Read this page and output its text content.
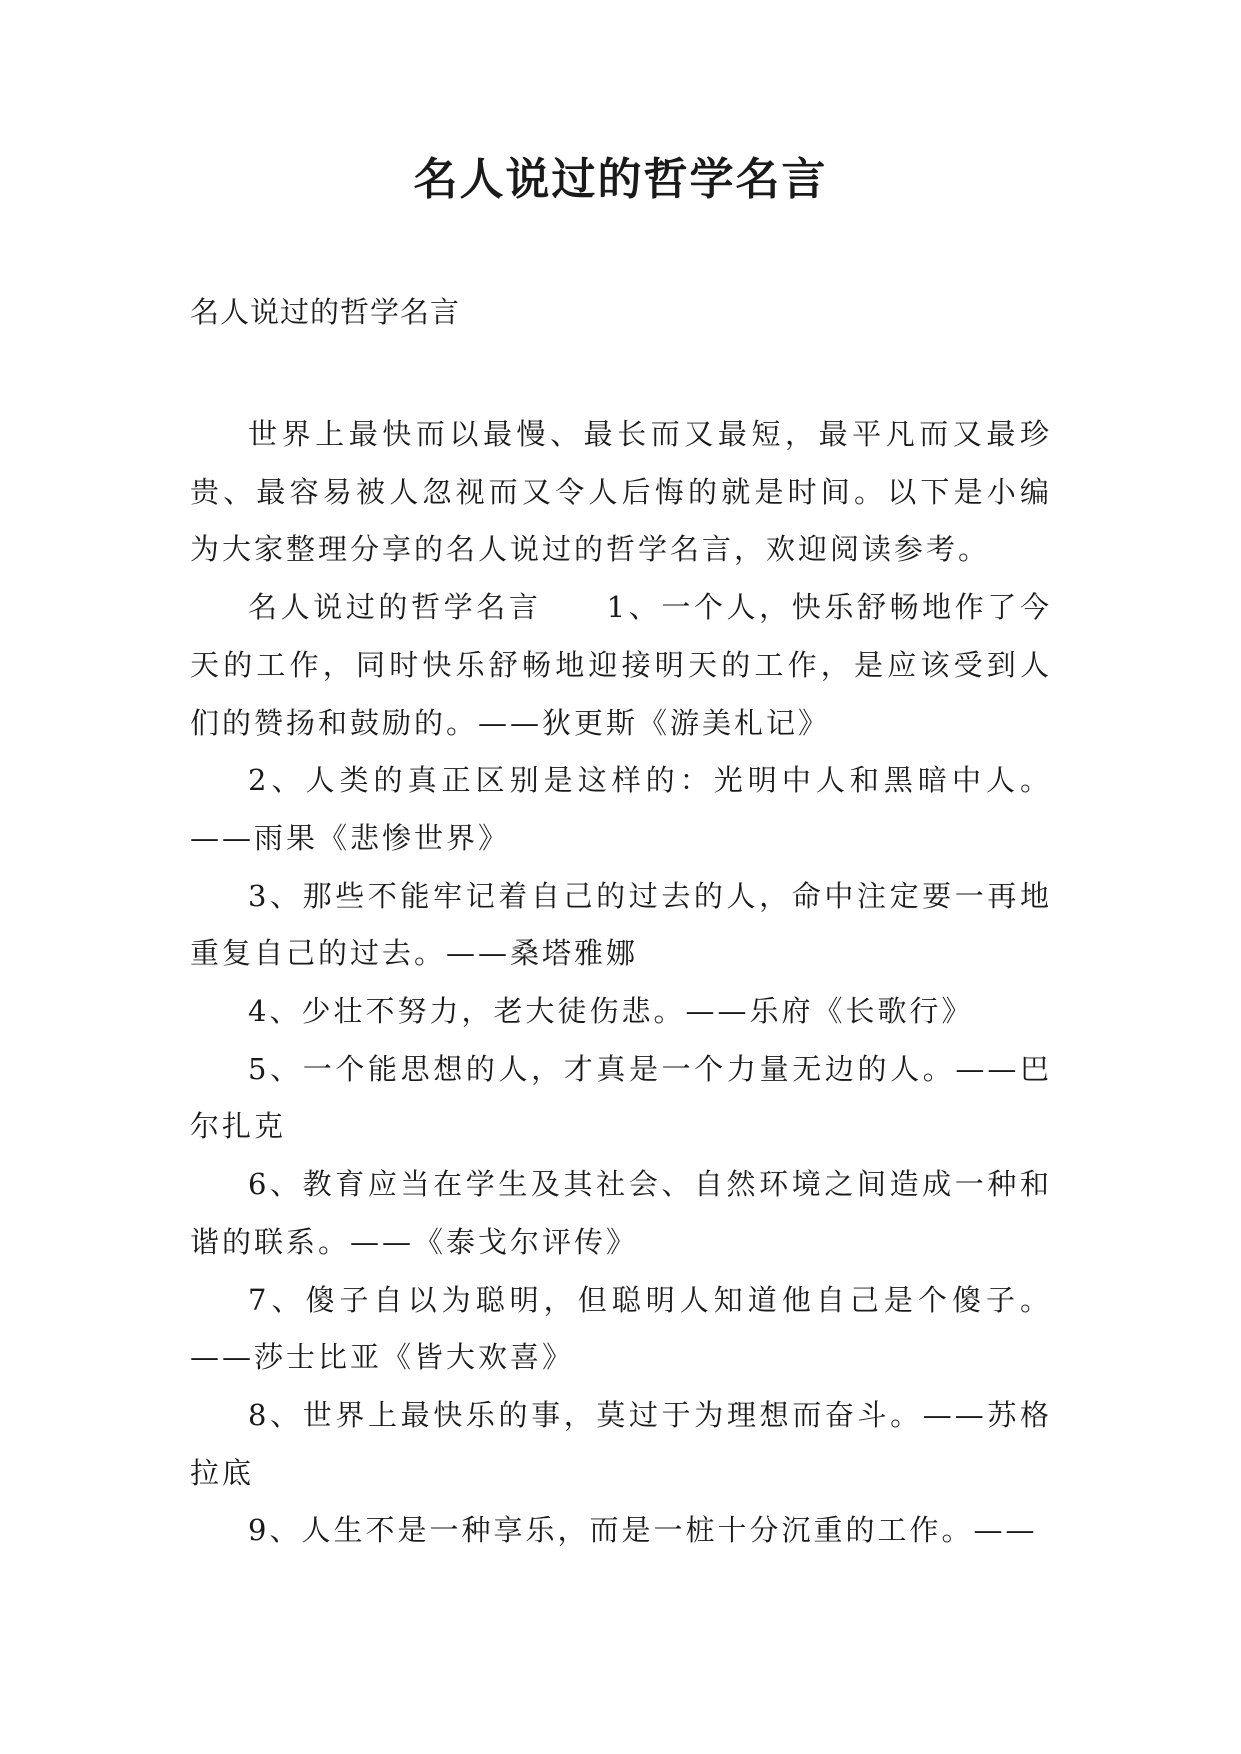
名人说过的哲学名言
名人说过的哲学名言

世界上最快而以最慢、最长而又最短，最平凡而又最珍贵、最容易被人忽视而又令人后悔的就是时间。以下是小编为大家整理分享的名人说过的哲学名言，欢迎阅读参考。

名人说过的哲学名言　　1、一个人，快乐舒畅地作了今天的工作，同时快乐舒畅地迎接明天的工作，是应该受到人们的赞扬和鼓励的。——狄更斯《游美札记》

2、人类的真正区别是这样的：光明中人和黑暗中人。——雨果《悲惨世界》

3、那些不能牢记着自己的过去的人，命中注定要一再地重复自己的过去。——桑塔雅娜

4、少壮不努力，老大徒伤悲。——乐府《长歌行》

5、一个能思想的人，才真是一个力量无边的人。——巴尔扎克

6、教育应当在学生及其社会、自然环境之间造成一种和谐的联系。——《泰戈尔评传》

7、傻子自以为聪明，但聪明人知道他自己是个傻子。——莎士比亚《皆大欢喜》

8、世界上最快乐的事，莫过于为理想而奋斗。——苏格拉底

9、人生不是一种享乐，而是一桩十分沉重的工作。——
